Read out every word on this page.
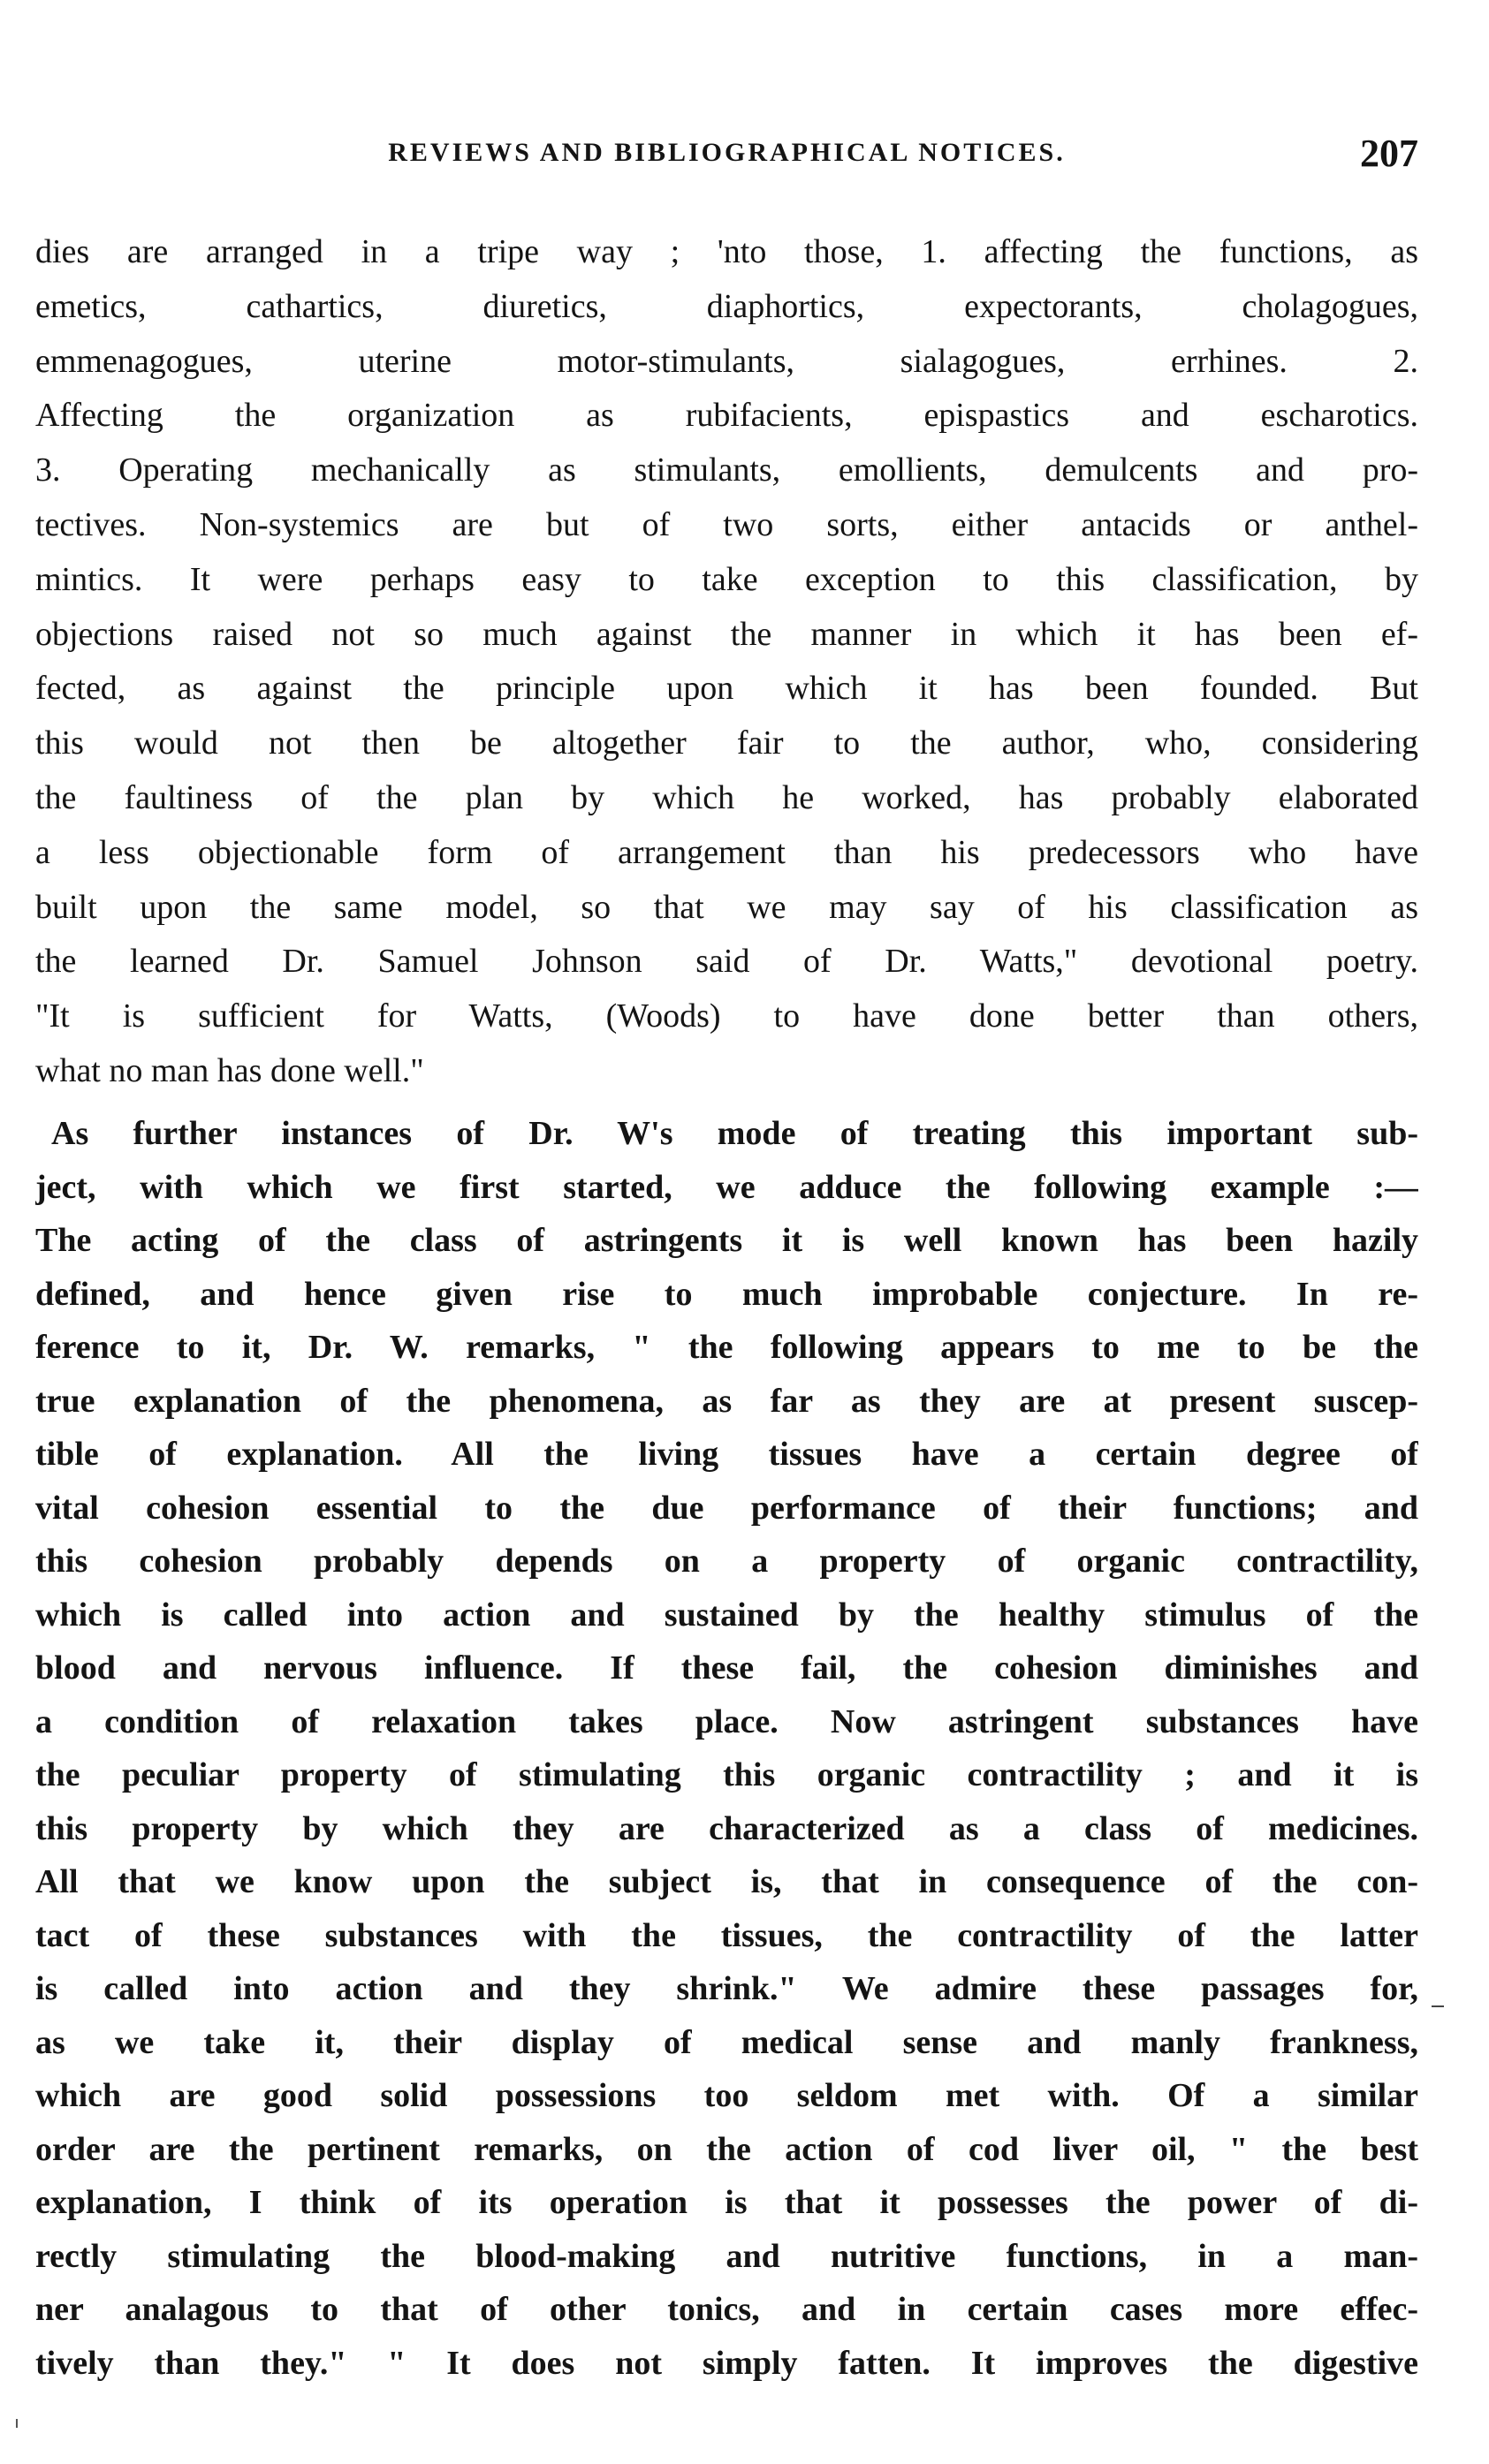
REVIEWS AND BIBLIOGRAPHICAL NOTICES.	207
dies are arranged in a tripe way ; 'nto those, 1. affecting the functions, as
emetics, cathartics, diuretics, diaphortics, expectorants, cholagogues,
emmenagogues, uterine motor-stimulants, sialagogues, errhines. 2.
Affecting the organization as rubifacients, epispastics and escharotics.
3. Operating mechanically as stimulants, emollients, demulcents and pro-
tectives. Non-systemics are but of two sorts, either antacids or anthel-
mintics. It were perhaps easy to take exception to this classification, by
objections raised not so much against the manner in which it has been ef-
fected, as against the principle upon which it has been founded. But
this would not then be altogether fair to the author, who, considering
the faultiness of the plan by which he worked, has probably elaborated
a less objectionable form of arrangement than his predecessors who have
built upon the same model, so that we may say of his classification as
the learned Dr. Samuel Johnson said of Dr. Watts," devotional poetry.
"It is sufficient for Watts, (Woods) to have done better than others,
what no man has done well."
As further instances of Dr. W's mode of treating this important sub-
ject, with which we first started, we adduce the following example :—
The acting of the class of astringents it is well known has been hazily
defined, and hence given rise to much improbable conjecture. In re-
ference to it, Dr. W. remarks, " the following appears to me to be the
true explanation of the phenomena, as far as they are at present suscep-
tible of explanation. All the living tissues have a certain degree of
vital cohesion essential to the due performance of their functions; and
this cohesion probably depends on a property of organic contractility,
which is called into action and sustained by the healthy stimulus of the
blood and nervous influence. If these fail, the cohesion diminishes and
a condition of relaxation takes place. Now astringent substances have
the peculiar property of stimulating this organic contractility ; and it is
this property by which they are characterized as a class of medicines.
All that we know upon the subject is, that in consequence of the con-
tact of these substances with the tissues, the contractility of the latter
is called into action and they shrink." We admire these passages for,
as we take it, their display of medical sense and manly frankness,
which are good solid possessions too seldom met with. Of a similar
order are the pertinent remarks, on the action of cod liver oil, " the best
explanation, I think of its operation is that it possesses the power of di-
rectly stimulating the blood-making and nutritive functions, in a man-
ner analagous to that of other tonics, and in certain cases more effec-
tively than they." " It does not simply fatten. It improves the digestive
